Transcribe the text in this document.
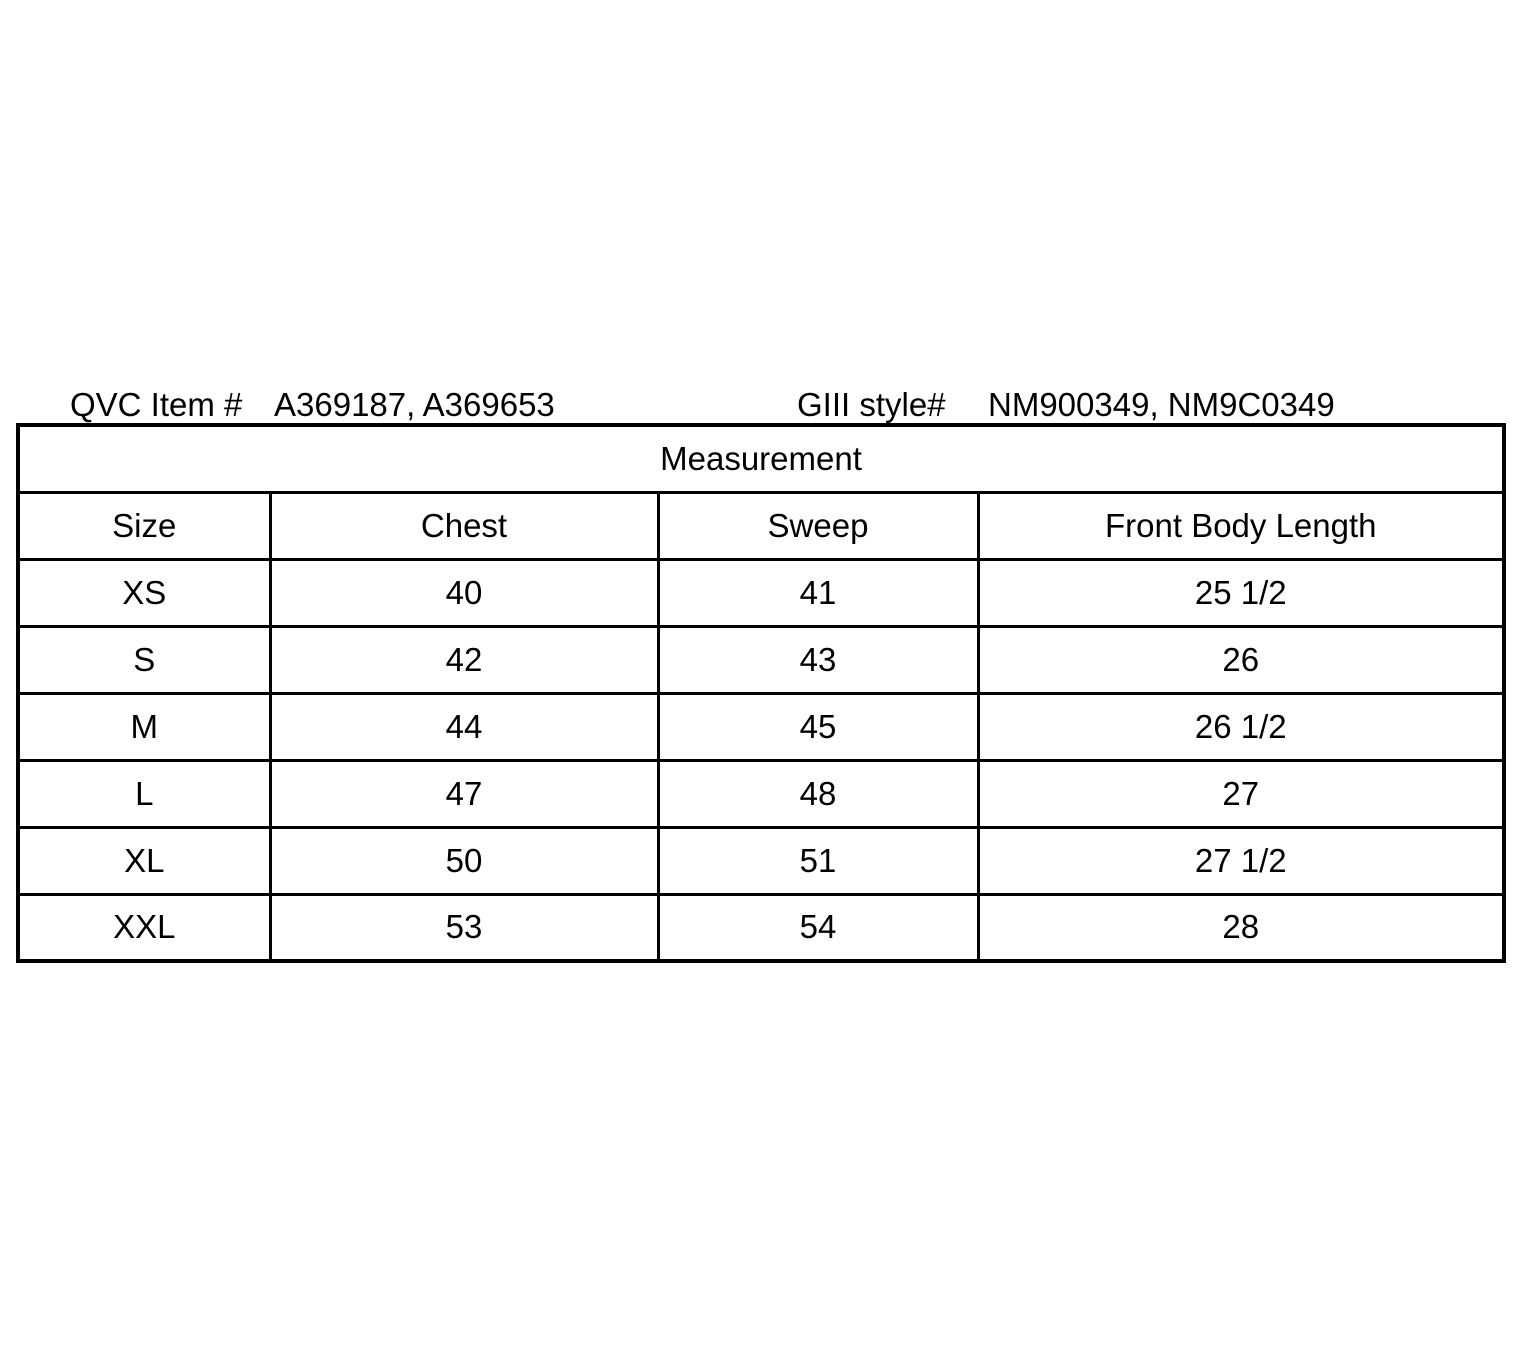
QVC Item # A369187, A369653	GIII style# NM900349, NM9C0349
Measurement			
Size	Chest	Sweep	Front Body Length
XS	40	41	25 1/2
S	42	43	26
M	44	45	26 1/2
L	47	48	27
XL	50	51	27 1/2
XXL	53	54	28
